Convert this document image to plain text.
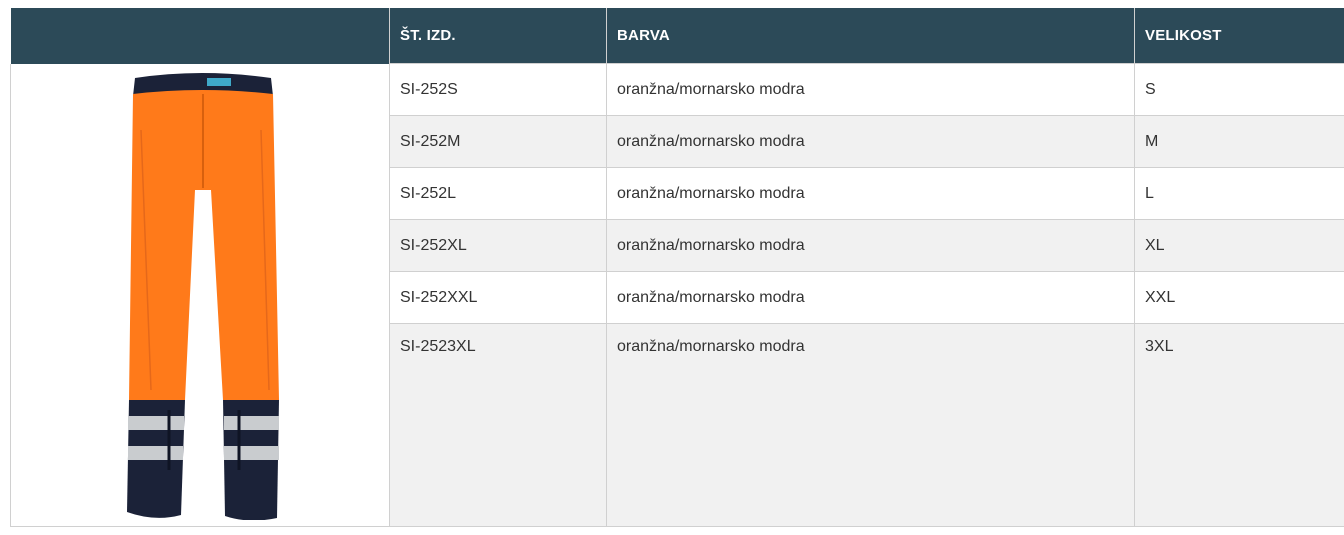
	ŠT. IZD.	BARVA	VELIKOST

	SI-252S	oranžna/mornarsko modra	S
	SI-252M	oranžna/mornarsko modra	M
	SI-252L	oranžna/mornarsko modra	L
	SI-252XL	oranžna/mornarsko modra	XL
	SI-252XXL	oranžna/mornarsko modra	XXL
	SI-2523XL	oranžna/mornarsko modra	3XL
